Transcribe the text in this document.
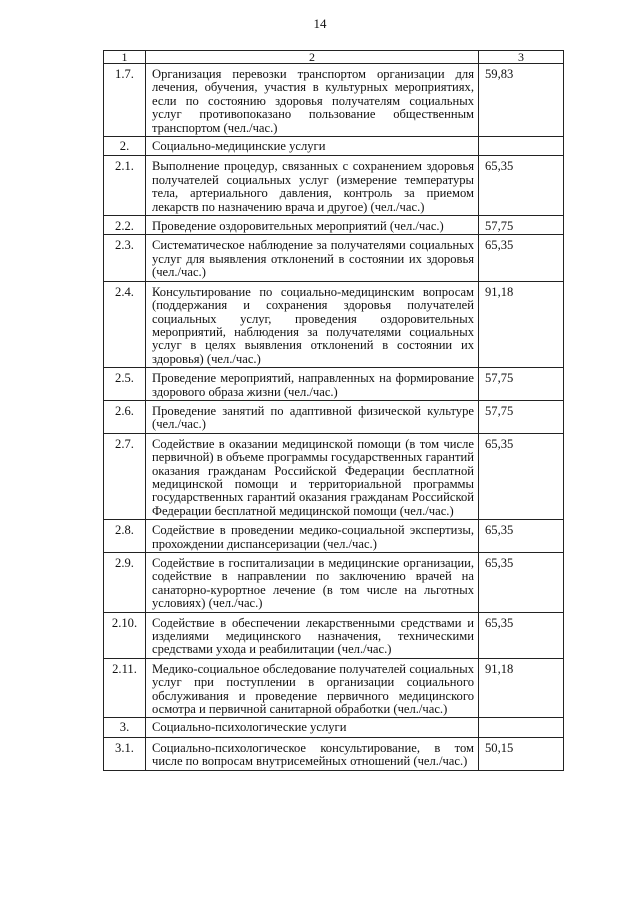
14
1	2	3
1.7.	Организация перевозки транспортом организации для лечения, обучения, участия в культурных мероприятиях, если по состоянию здоровья получателям социальных услуг противопоказано пользование общественным транспортом (чел./час.)	59,83
2.	Социально-медицинские услуги	
2.1.	Выполнение процедур, связанных с сохранением здоровья получателей социальных услуг (измерение температуры тела, артериального давления, контроль за приемом лекарств по назначению врача и другое) (чел./час.)	65,35
2.2.	Проведение оздоровительных мероприятий (чел./час.)	57,75
2.3.	Систематическое наблюдение за получателями социальных услуг для выявления отклонений в состоянии их здоровья (чел./час.)	65,35
2.4.	Консультирование по социально-медицинским вопросам (поддержания и сохранения здоровья получателей социальных услуг, проведения оздоровительных мероприятий, наблюдения за получателями социальных услуг в целях выявления отклонений в состоянии их здоровья) (чел./час.)	91,18
2.5.	Проведение мероприятий, направленных на формирование здорового образа жизни (чел./час.)	57,75
2.6.	Проведение занятий по адаптивной физической культуре (чел./час.)	57,75
2.7.	Содействие в оказании медицинской помощи (в том числе первичной) в объеме программы государственных гарантий оказания гражданам Российской Федерации бесплатной медицинской помощи и территориальной программы государственных гарантий оказания гражданам Российской Федерации бесплатной медицинской помощи (чел./час.)	65,35
2.8.	Содействие в проведении медико-социальной экспертизы, прохождении диспансеризации (чел./час.)	65,35
2.9.	Содействие в госпитализации в медицинские организации, содействие в направлении по заключению врачей на санаторно-курортное лечение (в том числе на льготных условиях) (чел./час.)	65,35
2.10.	Содействие в обеспечении лекарственными средствами и изделиями медицинского назначения, техническими средствами ухода и реабилитации (чел./час.)	65,35
2.11.	Медико-социальное обследование получателей социальных услуг при поступлении в организации социального обслуживания и проведение первичного медицинского осмотра и первичной санитарной обработки (чел./час.)	91,18
3.	Социально-психологические услуги	
3.1.	Социально-психологическое консультирование, в том числе по вопросам внутрисемейных отношений (чел./час.)	50,15
